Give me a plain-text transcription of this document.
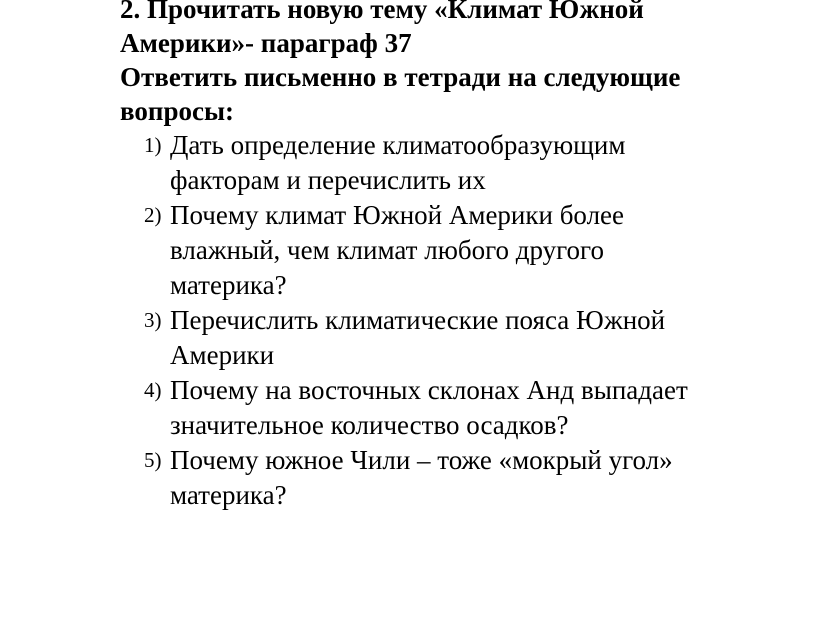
2. Прочитать новую тему «Климат Южной

Америки»- параграф 37

Ответить письменно в тетради на следующие

вопросы:

1) Дать определение климатообразующим
факторам и перечислить их
2) Почему климат Южной Америки более
влажный, чем климат любого другого
материка?
3) Перечислить климатические пояса Южной
Америки
4) Почему на восточных склонах Анд выпадает
значительное количество осадков?
5) Почему южное Чили – тоже «мокрый угол»
материка?
